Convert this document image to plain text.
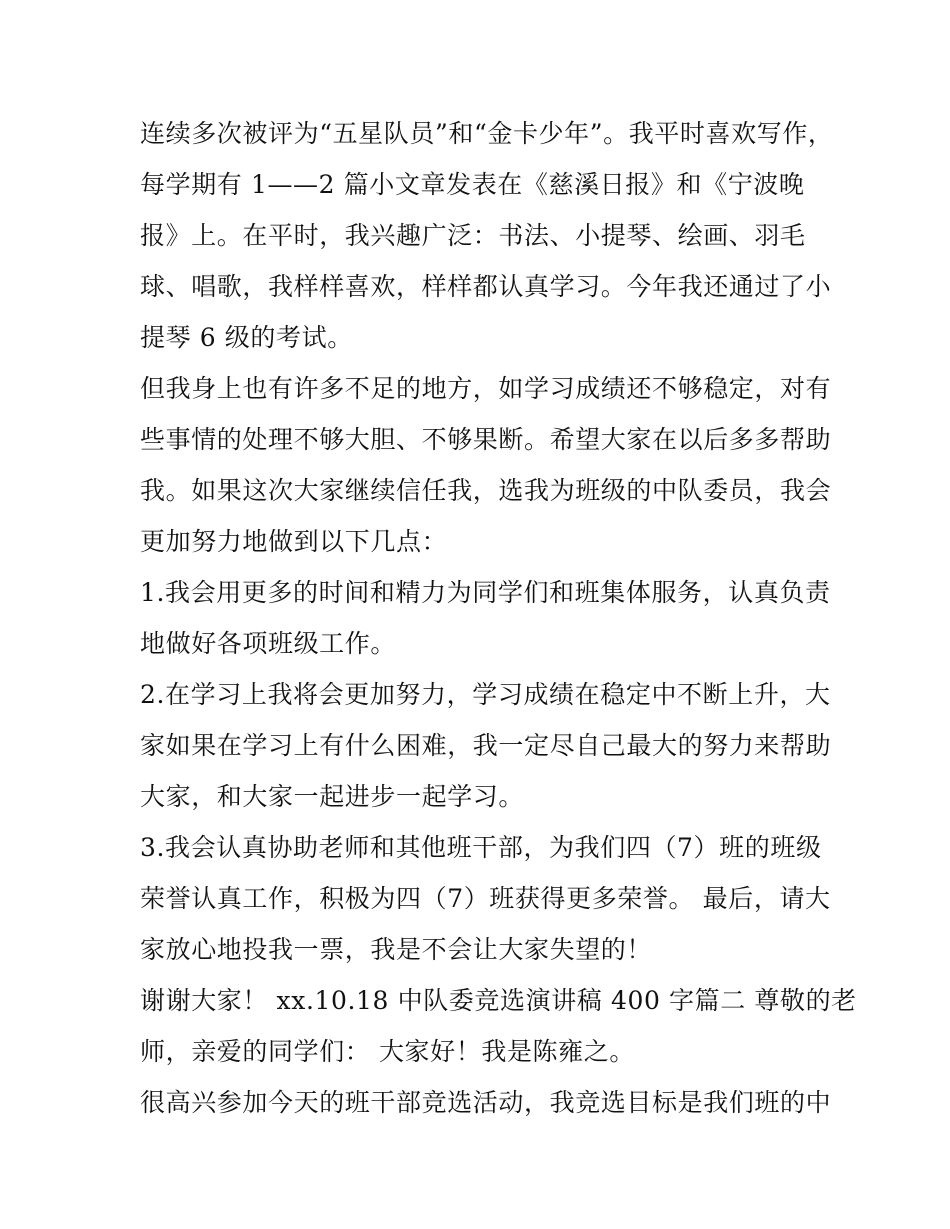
连续多次被评为“五星队员”和“金卡少年”。我平时喜欢写作，
每学期有 1——2 篇小文章发表在《慈溪日报》和《宁波晚
报》上。在平时，我兴趣广泛：书法、小提琴、绘画、羽毛
球、唱歌，我样样喜欢，样样都认真学习。今年我还通过了小
提琴 6 级的考试。

但我身上也有许多不足的地方，如学习成绩还不够稳定，对有
些事情的处理不够大胆、不够果断。希望大家在以后多多帮助
我。如果这次大家继续信任我，选我为班级的中队委员，我会
更加努力地做到以下几点：

1.我会用更多的时间和精力为同学们和班集体服务，认真负责
地做好各项班级工作。

2.在学习上我将会更加努力，学习成绩在稳定中不断上升，大
家如果在学习上有什么困难，我一定尽自己最大的努力来帮助
大家，和大家一起进步一起学习。

3.我会认真协助老师和其他班干部，为我们四（7）班的班级
荣誉认真工作，积极为四（7）班获得更多荣誉。 最后，请大
家放心地投我一票，我是不会让大家失望的！

谢谢大家！ xx.10.18 中队委竞选演讲稿 400 字篇二 尊敬的老
师，亲爱的同学们： 大家好！我是陈雍之。

很高兴参加今天的班干部竞选活动，我竞选目标是我们班的中
